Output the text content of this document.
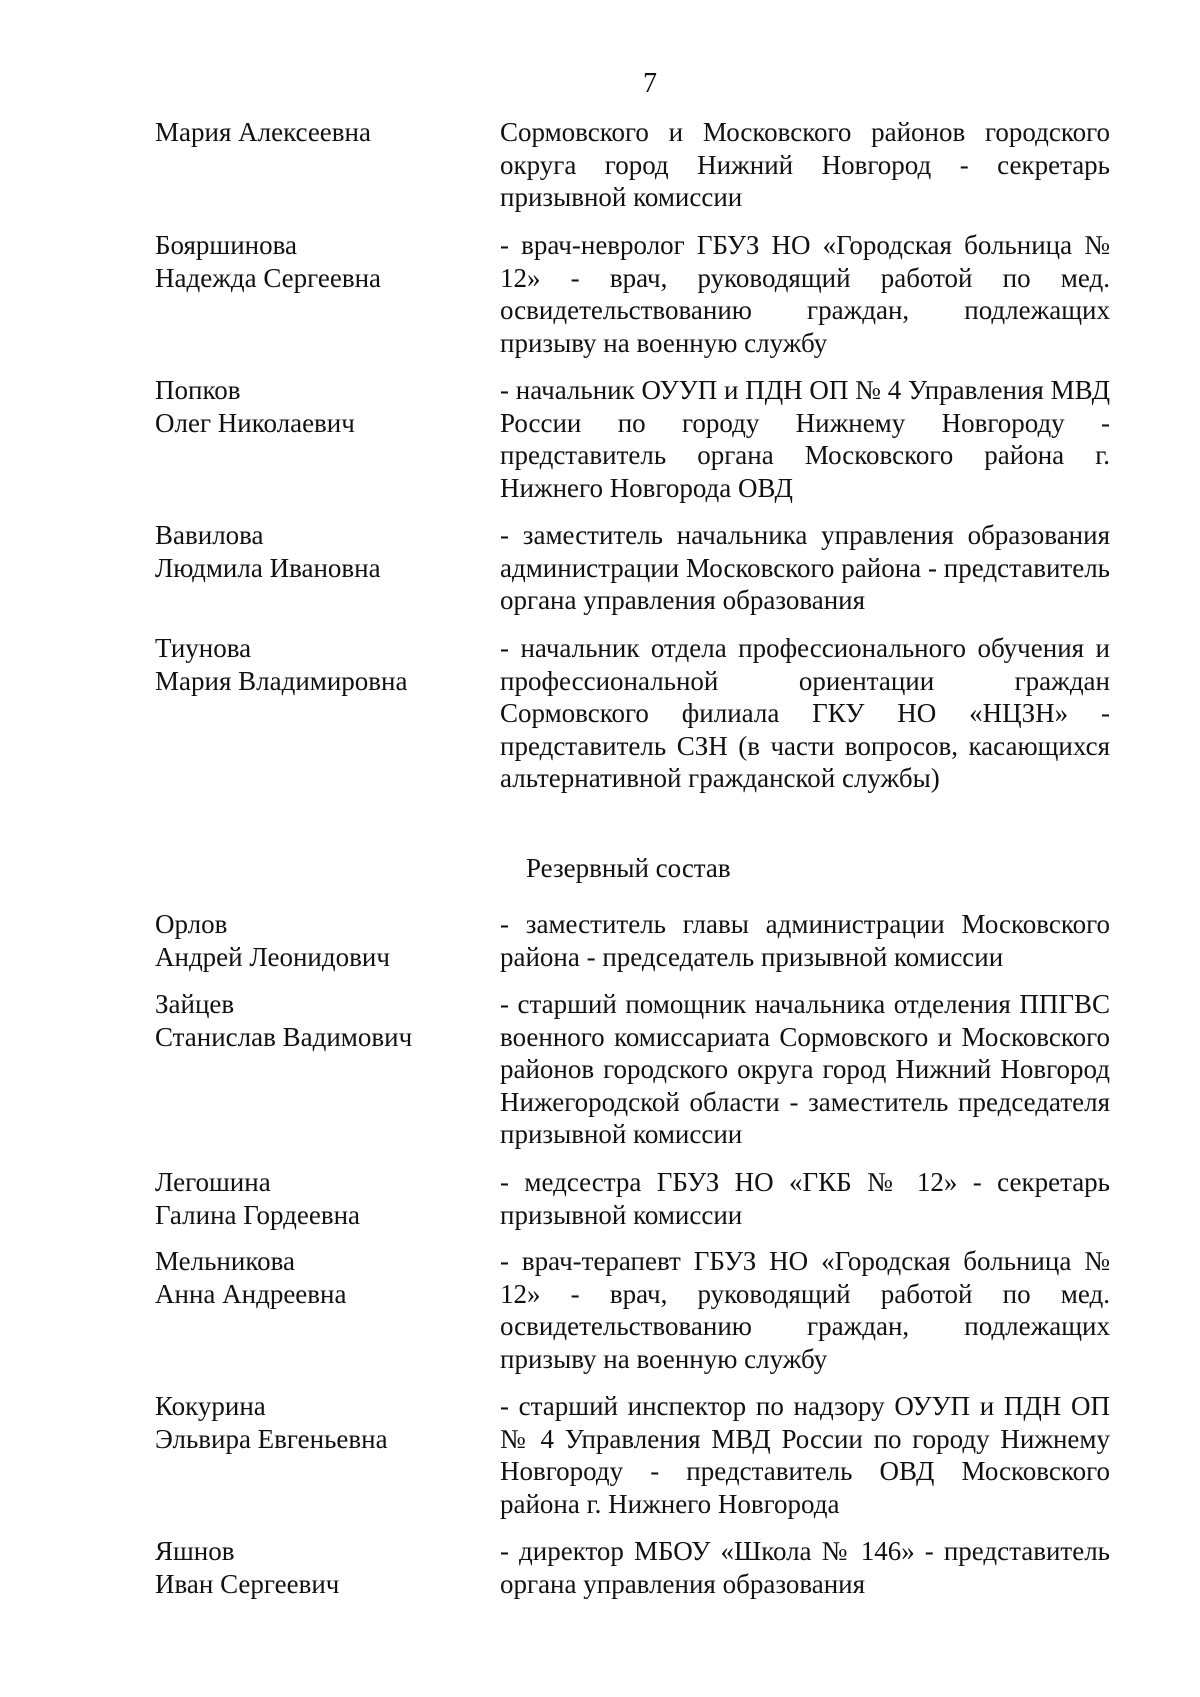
7
Мария Алексеевна	Сормовского и Московского районов городского округа город Нижний Новгород - секретарь призывной комиссии
Бояршинова
Надежда Сергеевна
- врач-невролог ГБУЗ НО «Городская больница № 12» - врач, руководящий работой по мед. освидетельствованию граждан, подлежащих призыву на военную службу
Попков
Олег Николаевич
- начальник ОУУП и ПДН ОП № 4 Управления МВД России по городу Нижнему Новгороду - представитель органа Московского района г. Нижнего Новгорода ОВД
Вавилова
Людмила Ивановна
- заместитель начальника управления образования администрации Московского района - представитель органа управления образования
Тиунова
Мария Владимировна
- начальник отдела профессионального обучения и профессиональной ориентации граждан Сормовского филиала ГКУ НО «НЦЗН» - представитель СЗН (в части вопросов, касающихся альтернативной гражданской службы)
Резервный состав
Орлов
Андрей Леонидович
- заместитель главы администрации Московского района - председатель призывной комиссии
Зайцев
Станислав Вадимович
- старший помощник начальника отделения ППГВС военного комиссариата Сормовского и Московского районов городского округа город Нижний Новгород Нижегородской области - заместитель председателя призывной комиссии
Легошина
Галина Гордеевна
- медсестра ГБУЗ НО «ГКБ № 12» - секретарь призывной комиссии
Мельникова
Анна Андреевна
- врач-терапевт ГБУЗ НО «Городская больница № 12» - врач, руководящий работой по мед. освидетельствованию граждан, подлежащих призыву на военную службу
Кокурина
Эльвира Евгеньевна
- старший инспектор по надзору ОУУП и ПДН ОП № 4 Управления МВД России по городу Нижнему Новгороду - представитель ОВД Московского района г. Нижнего Новгорода
Яшнов
Иван Сергеевич
- директор МБОУ «Школа № 146» - представитель органа управления образования
